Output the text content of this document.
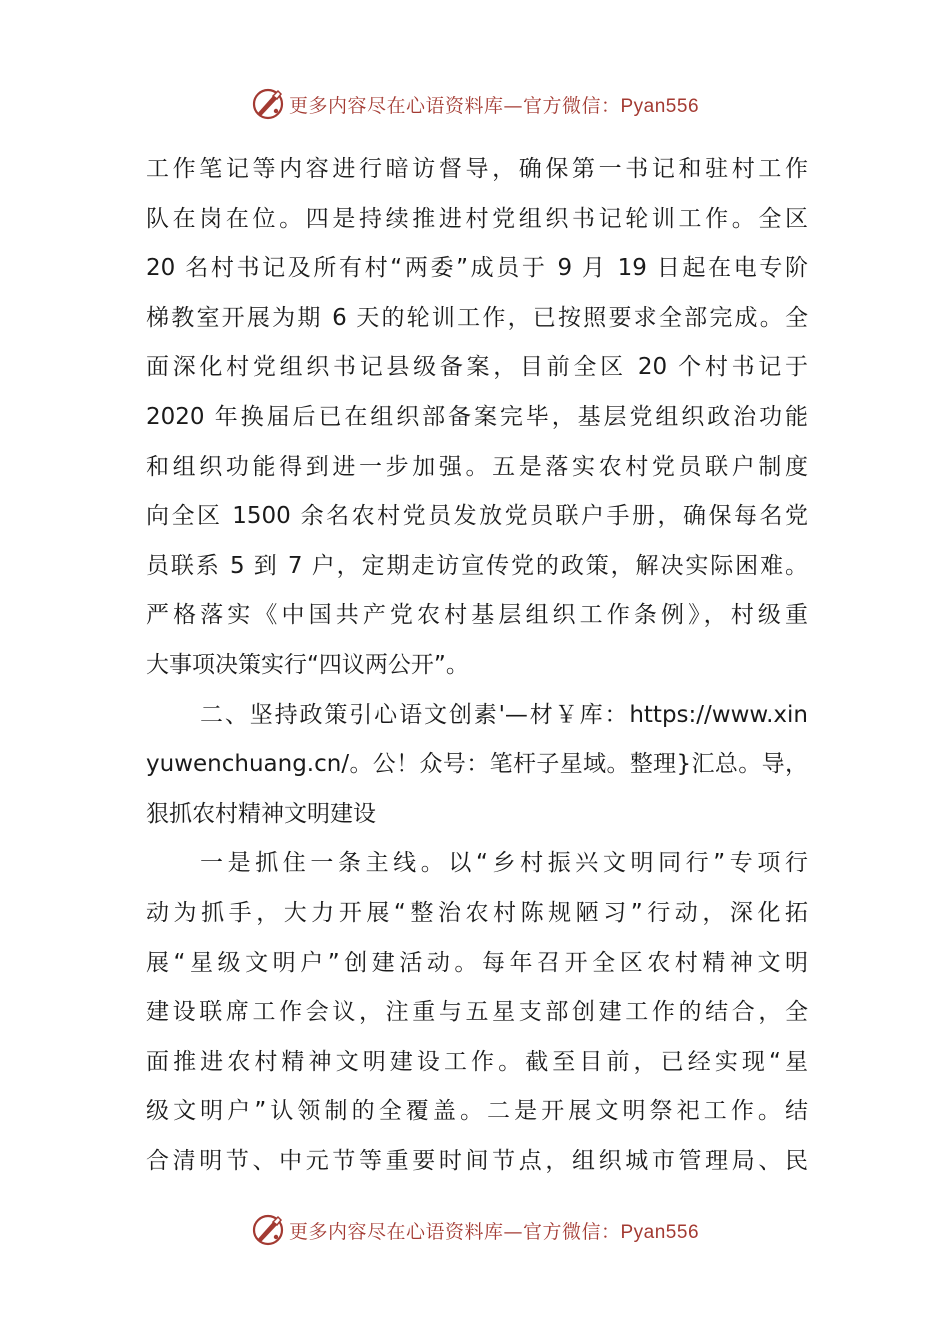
更多内容尽在心语资料库—官方微信：Pyan556
工作笔记等内容进行暗访督导，确保第一书记和驻村工作
队在岗在位。四是持续推进村党组织书记轮训工作。全区
20 名村书记及所有村“两委”成员于 9 月 19 日起在电专阶
梯教室开展为期 6 天的轮训工作，已按照要求全部完成。全
面深化村党组织书记县级备案，目前全区 20 个村书记于
2020 年换届后已在组织部备案完毕，基层党组织政治功能
和组织功能得到进一步加强。五是落实农村党员联户制度
向全区 1500 余名农村党员发放党员联户手册，确保每名党
员联系 5 到 7 户，定期走访宣传党的政策，解决实际困难。
严格落实《中国共产党农村基层组织工作条例》，村级重
大事项决策实行“四议两公开”。
二、坚持政策引心语文创素'—材￥库：https://www.xin
yuwenchuang.cn/。公！众号：笔杆子星域。整理}汇总。导，
狠抓农村精神文明建设
一是抓住一条主线。以“乡村振兴文明同行”专项行
动为抓手，大力开展“整治农村陈规陋习”行动，深化拓
展“星级文明户”创建活动。每年召开全区农村精神文明
建设联席工作会议，注重与五星支部创建工作的结合，全
面推进农村精神文明建设工作。截至目前，已经实现“星
级文明户”认领制的全覆盖。二是开展文明祭祀工作。结
合清明节、中元节等重要时间节点，组织城市管理局、民
更多内容尽在心语资料库—官方微信：Pyan556
